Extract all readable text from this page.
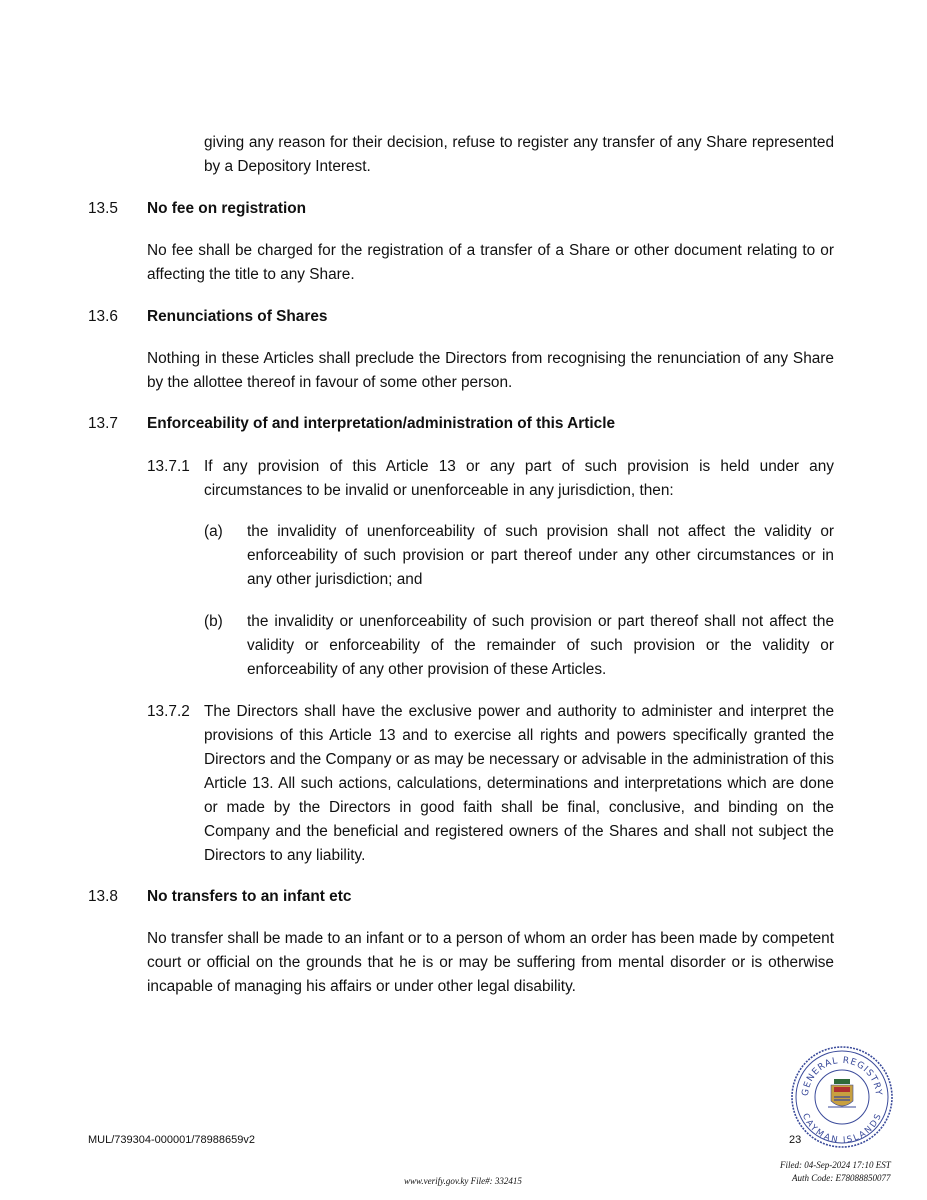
giving any reason for their decision, refuse to register any transfer of any Share represented by a Depository Interest.
13.5 No fee on registration
No fee shall be charged for the registration of a transfer of a Share or other document relating to or affecting the title to any Share.
13.6 Renunciations of Shares
Nothing in these Articles shall preclude the Directors from recognising the renunciation of any Share by the allottee thereof in favour of some other person.
13.7 Enforceability of and interpretation/administration of this Article
13.7.1 If any provision of this Article 13 or any part of such provision is held under any circumstances to be invalid or unenforceable in any jurisdiction, then:
(a) the invalidity of unenforceability of such provision shall not affect the validity or enforceability of such provision or part thereof under any other circumstances or in any other jurisdiction; and
(b) the invalidity or unenforceability of such provision or part thereof shall not affect the validity or enforceability of the remainder of such provision or the validity or enforceability of any other provision of these Articles.
13.7.2 The Directors shall have the exclusive power and authority to administer and interpret the provisions of this Article 13 and to exercise all rights and powers specifically granted the Directors and the Company or as may be necessary or advisable in the administration of this Article 13. All such actions, calculations, determinations and interpretations which are done or made by the Directors in good faith shall be final, conclusive, and binding on the Company and the beneficial and registered owners of the Shares and shall not subject the Directors to any liability.
13.8 No transfers to an infant etc
No transfer shall be made to an infant or to a person of whom an order has been made by competent court or official on the grounds that he is or may be suffering from mental disorder or is otherwise incapable of managing his affairs or under other legal disability.
MUL/739304-000001/78988659v2	23
GENERAL REGISTRY
CAYMAN ISLANDS
www.verify.gov.ky File#: 332415
Filed: 04-Sep-2024 17:10 EST
Auth Code: E78088850077
